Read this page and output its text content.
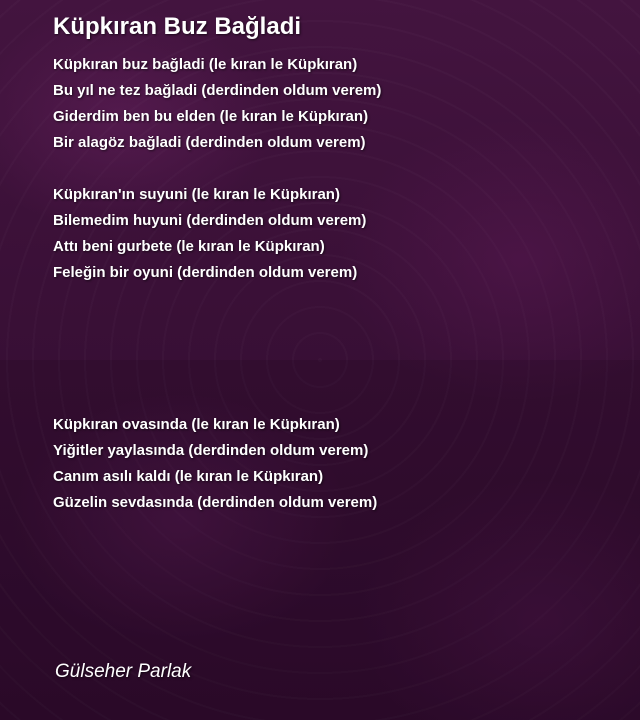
Küpkıran Buz Bağladi
Küpkıran buz bağladi (le kıran le Küpkıran)
Bu yıl ne tez bağladi (derdinden oldum verem)
Giderdim ben bu elden (le kıran le Küpkıran)
Bir alagöz bağladi (derdinden oldum verem)
Küpkıran'ın suyuni (le kıran le Küpkıran)
Bilemedim huyuni (derdinden oldum verem)
Attı beni gurbete (le kıran le Küpkıran)
Feleğin bir oyuni (derdinden oldum verem)
Küpkıran ovasında (le kıran le Küpkıran)
Yiğitler yaylasında (derdinden oldum verem)
Canım asılı kaldı (le kıran le Küpkıran)
Güzelin sevdasında (derdinden oldum verem)
Gülseher Parlak
